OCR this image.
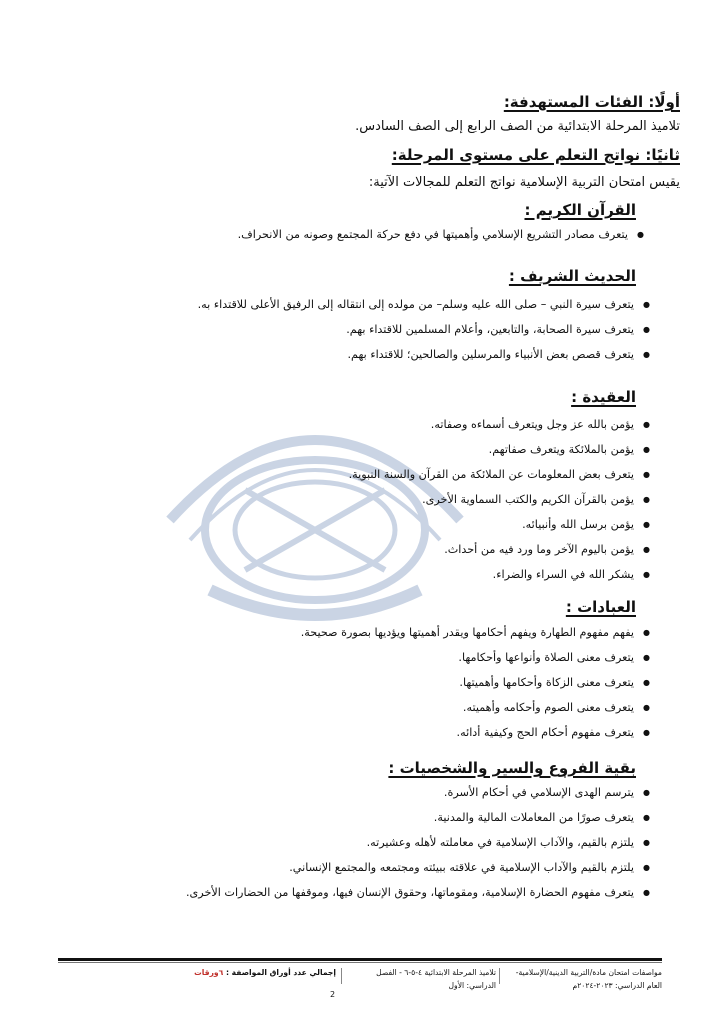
أولًا: الفئات المستهدفة:
تلاميذ المرحلة الابتدائية من الصف الرابع إلى الصف السادس.
ثانيًا: نواتج التعلم على مستوى المرحلة:
يقيس امتحان التربية الإسلامية نواتج التعلم للمجالات الآتية:
القرآن الكريم :
● يتعرف مصادر التشريع الإسلامي وأهميتها في دفع حركة المجتمع وصونه من الانحراف.
الحديث الشريف :
● يتعرف سيرة النبي – صلى الله عليه وسلم– من مولده إلى انتقاله إلى الرفيق الأعلى للاقتداء به.
● يتعرف سيرة الصحابة، والتابعين، وأعلام المسلمين للاقتداء بهم.
● يتعرف قصص بعض الأنبياء والمرسلين والصالحين؛ للاقتداء بهم.
العقيدة :
● يؤمن بالله عز وجل ويتعرف أسماءه وصفاته.
● يؤمن بالملائكة ويتعرف صفاتهم.
● يتعرف بعض المعلومات عن الملائكة من القرآن والسنة النبوية.
● يؤمن بالقرآن الكريم والكتب السماوية الأخرى.
● يؤمن برسل الله وأنبيائه.
● يؤمن باليوم الآخر وما ورد فيه من أحداث.
● يشكر الله في السراء والضراء.
العبادات :
● يفهم مفهوم الطهارة ويفهم أحكامها ويقدر أهميتها ويؤديها بصورة صحيحة.
● يتعرف معنى الصلاة وأنواعها وأحكامها.
● يتعرف معنى الزكاة وأحكامها وأهميتها.
● يتعرف معنى الصوم وأحكامه وأهميته.
● يتعرف مفهوم أحكام الحج وكيفية أدائه.
بقية الفروع والسير والشخصيات :
● يترسم الهدى الإسلامي في أحكام الأسرة.
● يتعرف صورًا من المعاملات المالية والمدنية.
● يلتزم بالقيم، والآداب الإسلامية في معاملته لأهله وعشيرته.
● يلتزم بالقيم والآداب الإسلامية في علاقته ببيئته ومجتمعه والمجتمع الإنساني.
● يتعرف مفهوم الحضارة الإسلامية، ومقوماتها، وحقوق الإنسان فيها، وموقفها من الحضارات الأخرى.
مواصفات امتحان مادة/التربية الدينية/الإسلامية-
العام الدراسي: ٢٠٢٣-٢٠٢٤م
تلاميذ المرحلة الابتدائية ٤-٥-٦ - الفصل الدراسي: الأول
إجمالي عدد أوراق المواصفة : ٦ورقات
2
